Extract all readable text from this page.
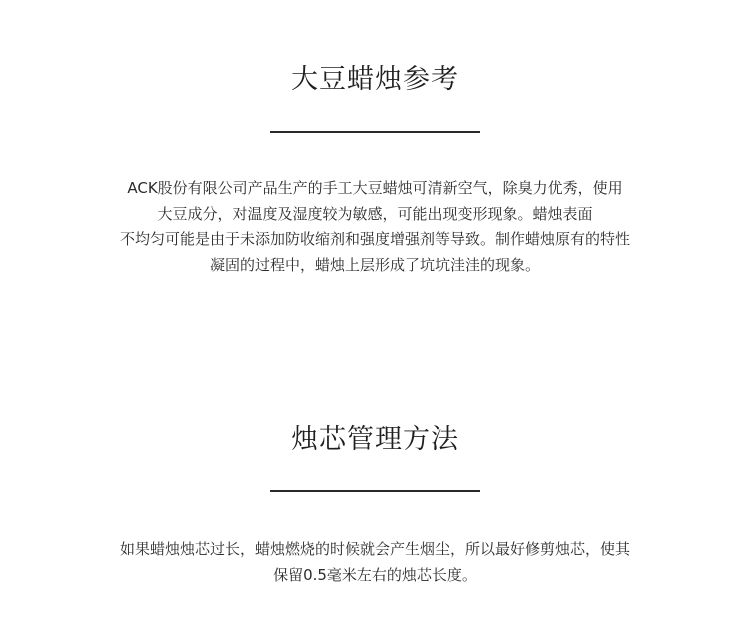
大豆蜡烛参考

ACK股份有限公司产品生产的手工大豆蜡烛可清新空气，除臭力优秀，使用
大豆成分，对温度及湿度较为敏感，可能出现变形现象。蜡烛表面
不均匀可能是由于未添加防收缩剂和强度增强剂等导致。制作蜡烛原有的特性
凝固的过程中，蜡烛上层形成了坑坑洼洼的现象。

烛芯管理方法

如果蜡烛烛芯过长，蜡烛燃烧的时候就会产生烟尘，所以最好修剪烛芯，使其
保留0.5毫米左右的烛芯长度。
